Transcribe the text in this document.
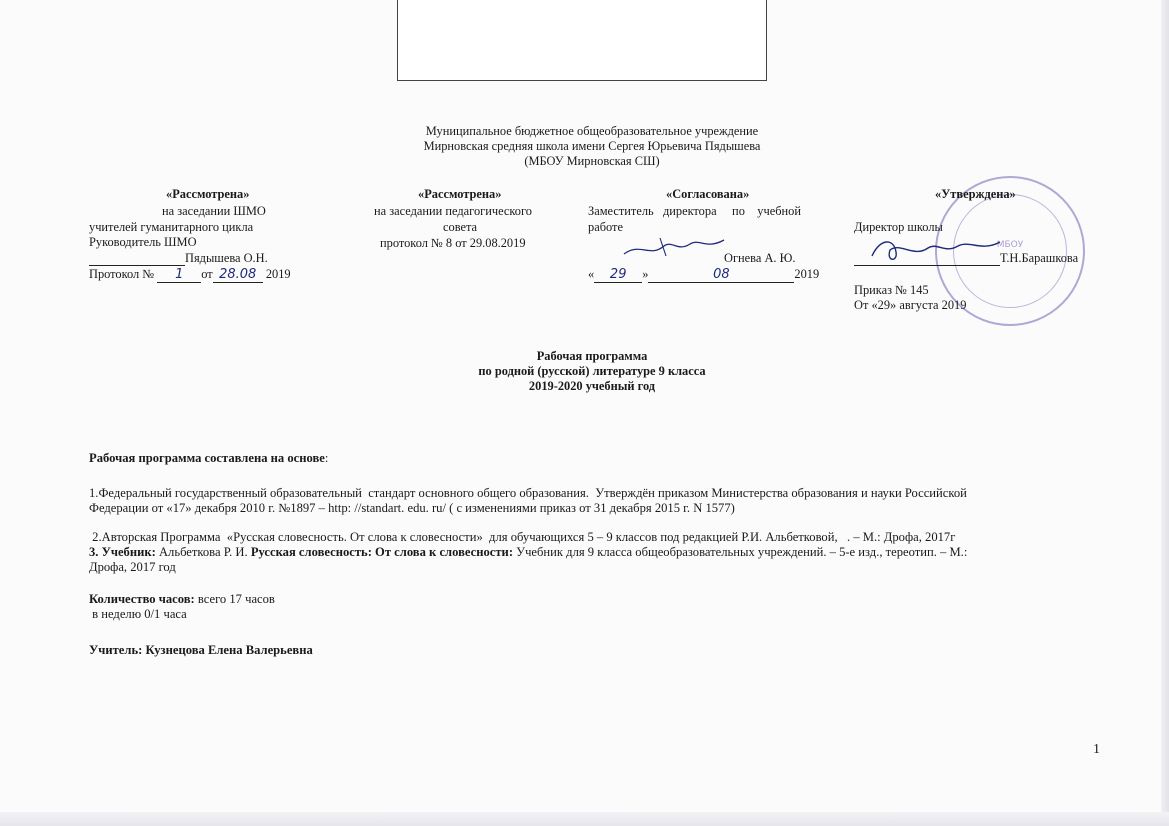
Муниципальное бюджетное общеобразовательное учреждение
Мирновская средняя школа имени Сергея Юрьевича Пядышева
(МБОУ Мирновская СШ)
«Рассмотрена»
на заседании ШМО
учителей гуманитарного цикла
Руководитель ШМО
Пядышева О.Н.
Протокол № 1 от 28.08 2019
«Рассмотрена»
на заседании педагогического
совета
протокол № 8 от 29.08.2019
«Согласована»
Заместитель   директора     по    учебной
работе
Огнева А. Ю.
« 29 »	08	2019
МБОУ
«Утверждена»
Директор школы
Т.Н.Барашкова
Приказ № 145
От «29» августа 2019
Рабочая программа
по родной (русской) литературе 9 класса
2019-2020 учебный год
Рабочая программа составлена на основе:
1.Федеральный государственный образовательный  стандарт основного общего образования.  Утверждён приказом Министерства образования и науки Российской
Федерации от «17» декабря 2010 г. №1897 – http: //standart. edu. ru/ ( с изменениями приказ от 31 декабря 2015 г. N 1577)
2.Авторская Программа  «Русская словесность. От слова к словесности»  для обучающихся 5 – 9 классов под редакцией Р.И. Альбетковой,   . – М.: Дрофа, 2017г
3. Учебник: Альбеткова Р. И. Русская словесность: От слова к словесности: Учебник для 9 класса общеобразовательных учреждений. – 5-е изд., тереотип. – М.:
Дрофа, 2017 год
Количество часов: всего 17 часов
в неделю 0/1 часа
Учитель: Кузнецова Елена Валерьевна
1
